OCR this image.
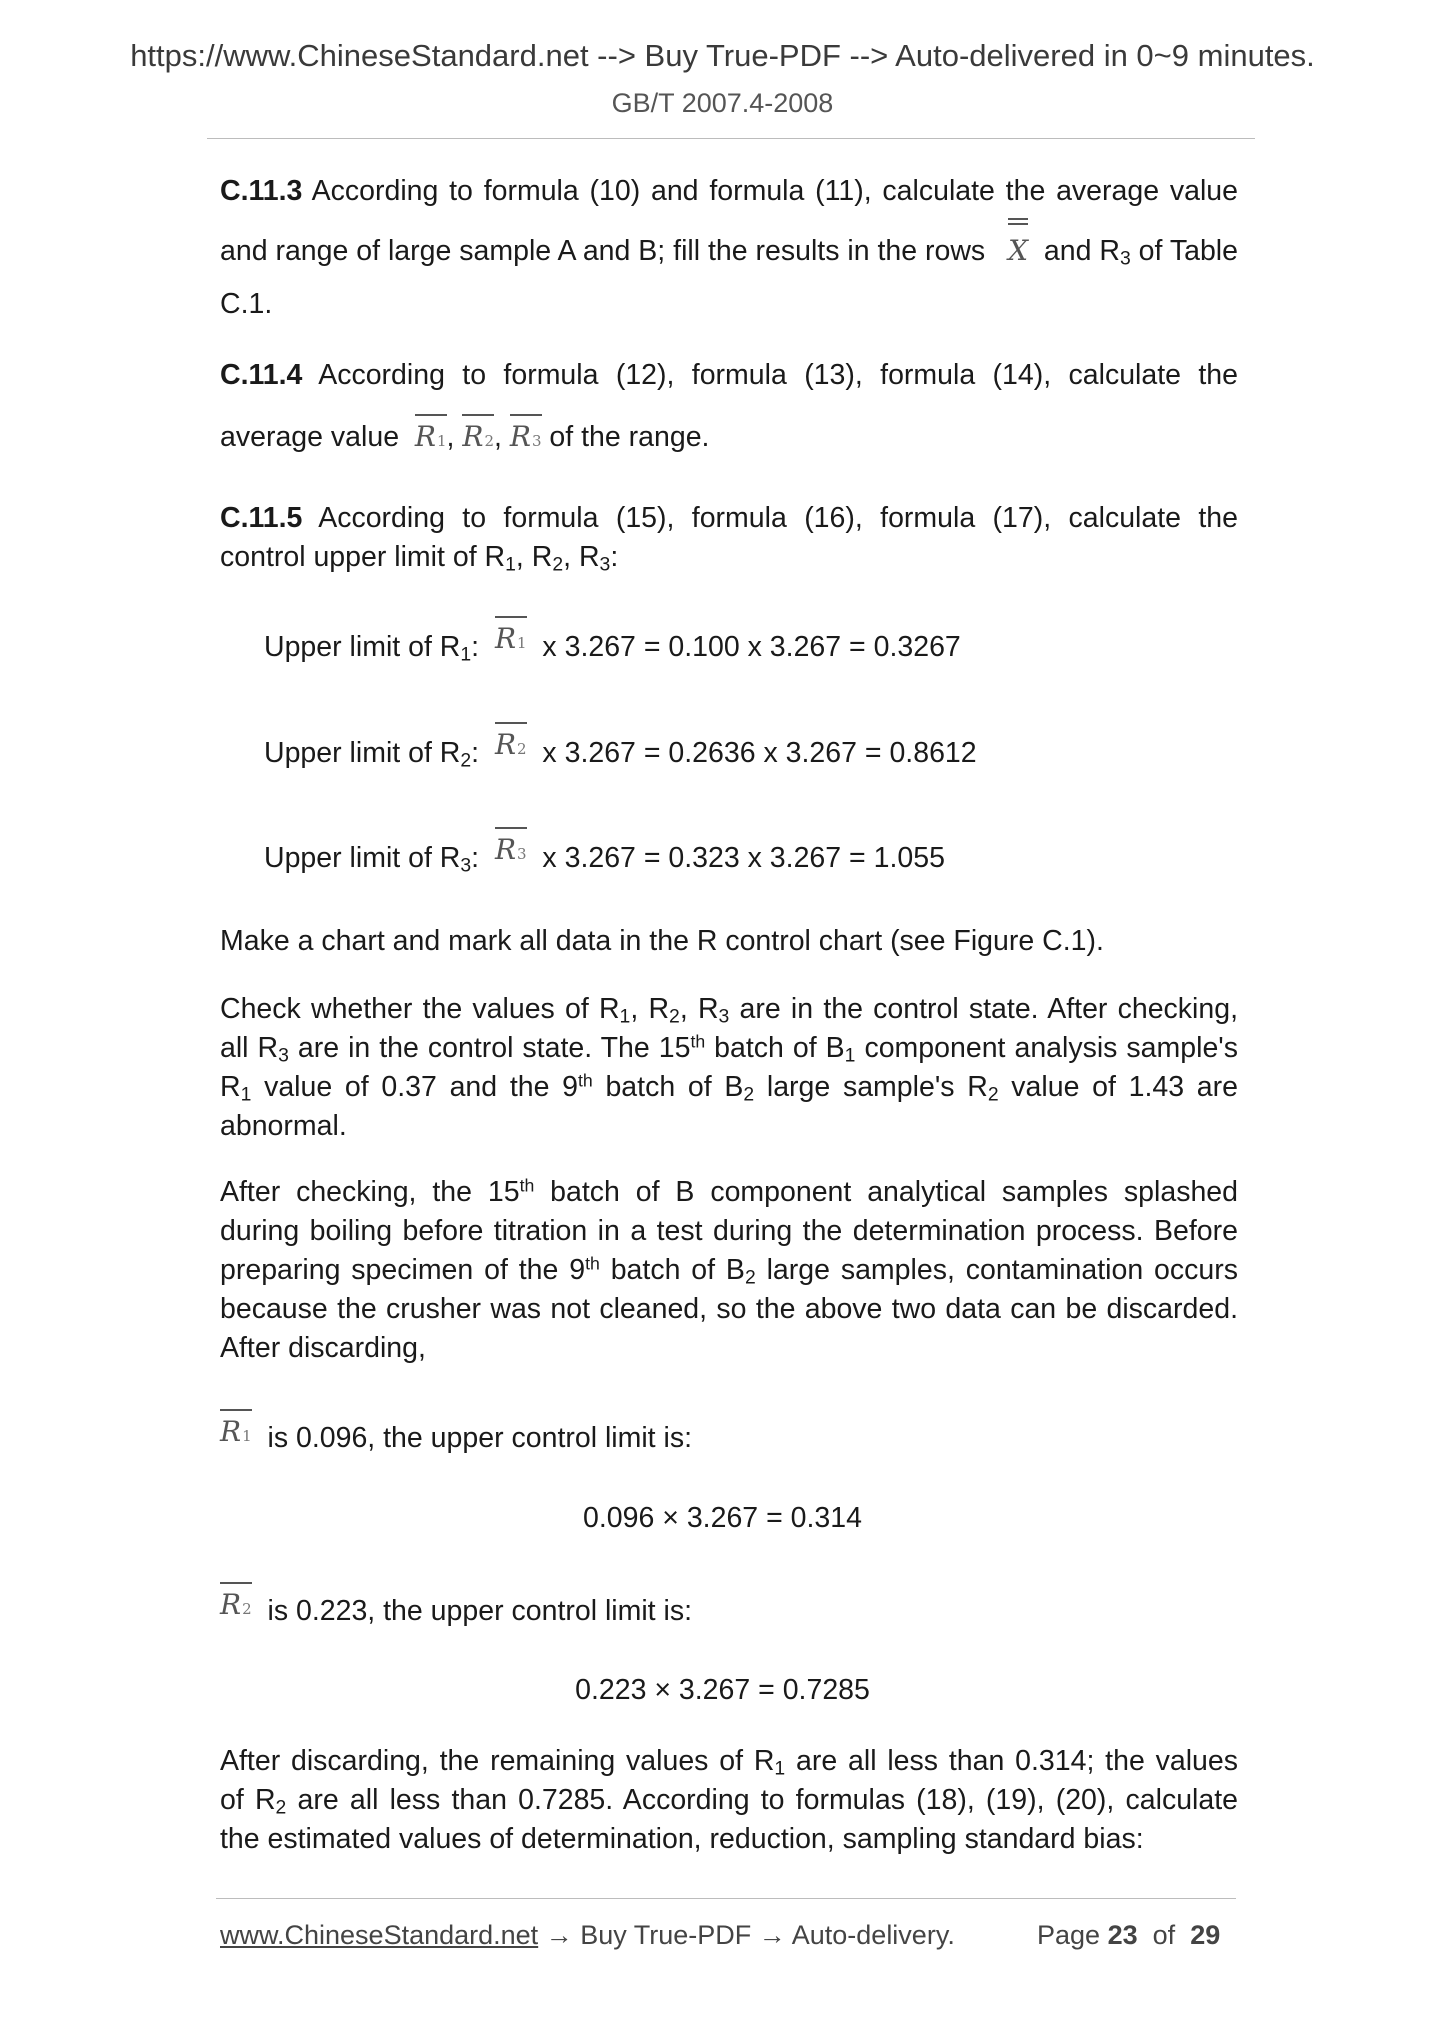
https://www.ChineseStandard.net --> Buy True-PDF --> Auto-delivered in 0~9 minutes.
GB/T 2007.4-2008
C.11.3 According to formula (10) and formula (11), calculate the average value
and range of large sample A and B; fill the results in the rows X and $R_3$ of Table
C.1.
C.11.4 According to formula (12), formula (13), formula (14), calculate the
average value R1, R2, R3 of the range.
C.11.5 According to formula (15), formula (16), formula (17), calculate the
control upper limit of $R_1$, $R_2$, $R_3$:
Upper limit of $R_1$: R1 x 3.267 = 0.100 x 3.267 = 0.3267
Upper limit of $R_2$: R2 x 3.267 = 0.2636 x 3.267 = 0.8612
Upper limit of $R_3$: R3 x 3.267 = 0.323 x 3.267 = 1.055
Make a chart and mark all data in the R control chart (see Figure C.1).
Check whether the values of $R_1$, $R_2$, $R_3$ are in the control state. After checking,
all $R_3$ are in the control state. The 15th batch of $B_1$ component analysis sample's
$R_1$ value of 0.37 and the 9th batch of $B_2$ large sample's $R_2$ value of 1.43 are
abnormal.
After checking, the 15th batch of B component analytical samples splashed
during boiling before titration in a test during the determination process. Before
preparing specimen of the 9th batch of $B_2$ large samples, contamination occurs
because the crusher was not cleaned, so the above two data can be discarded.
After discarding,
R1 is 0.096, the upper control limit is:
0.096 × 3.267 = 0.314
R2 is 0.223, the upper control limit is:
0.223 × 3.267 = 0.7285
After discarding, the remaining values of $R_1$ are all less than 0.314; the values
of $R_2$ are all less than 0.7285. According to formulas (18), (19), (20), calculate
the estimated values of determination, reduction, sampling standard bias:
www.ChineseStandard.net → Buy True-PDF → Auto-delivery.	Page 23 of 29
